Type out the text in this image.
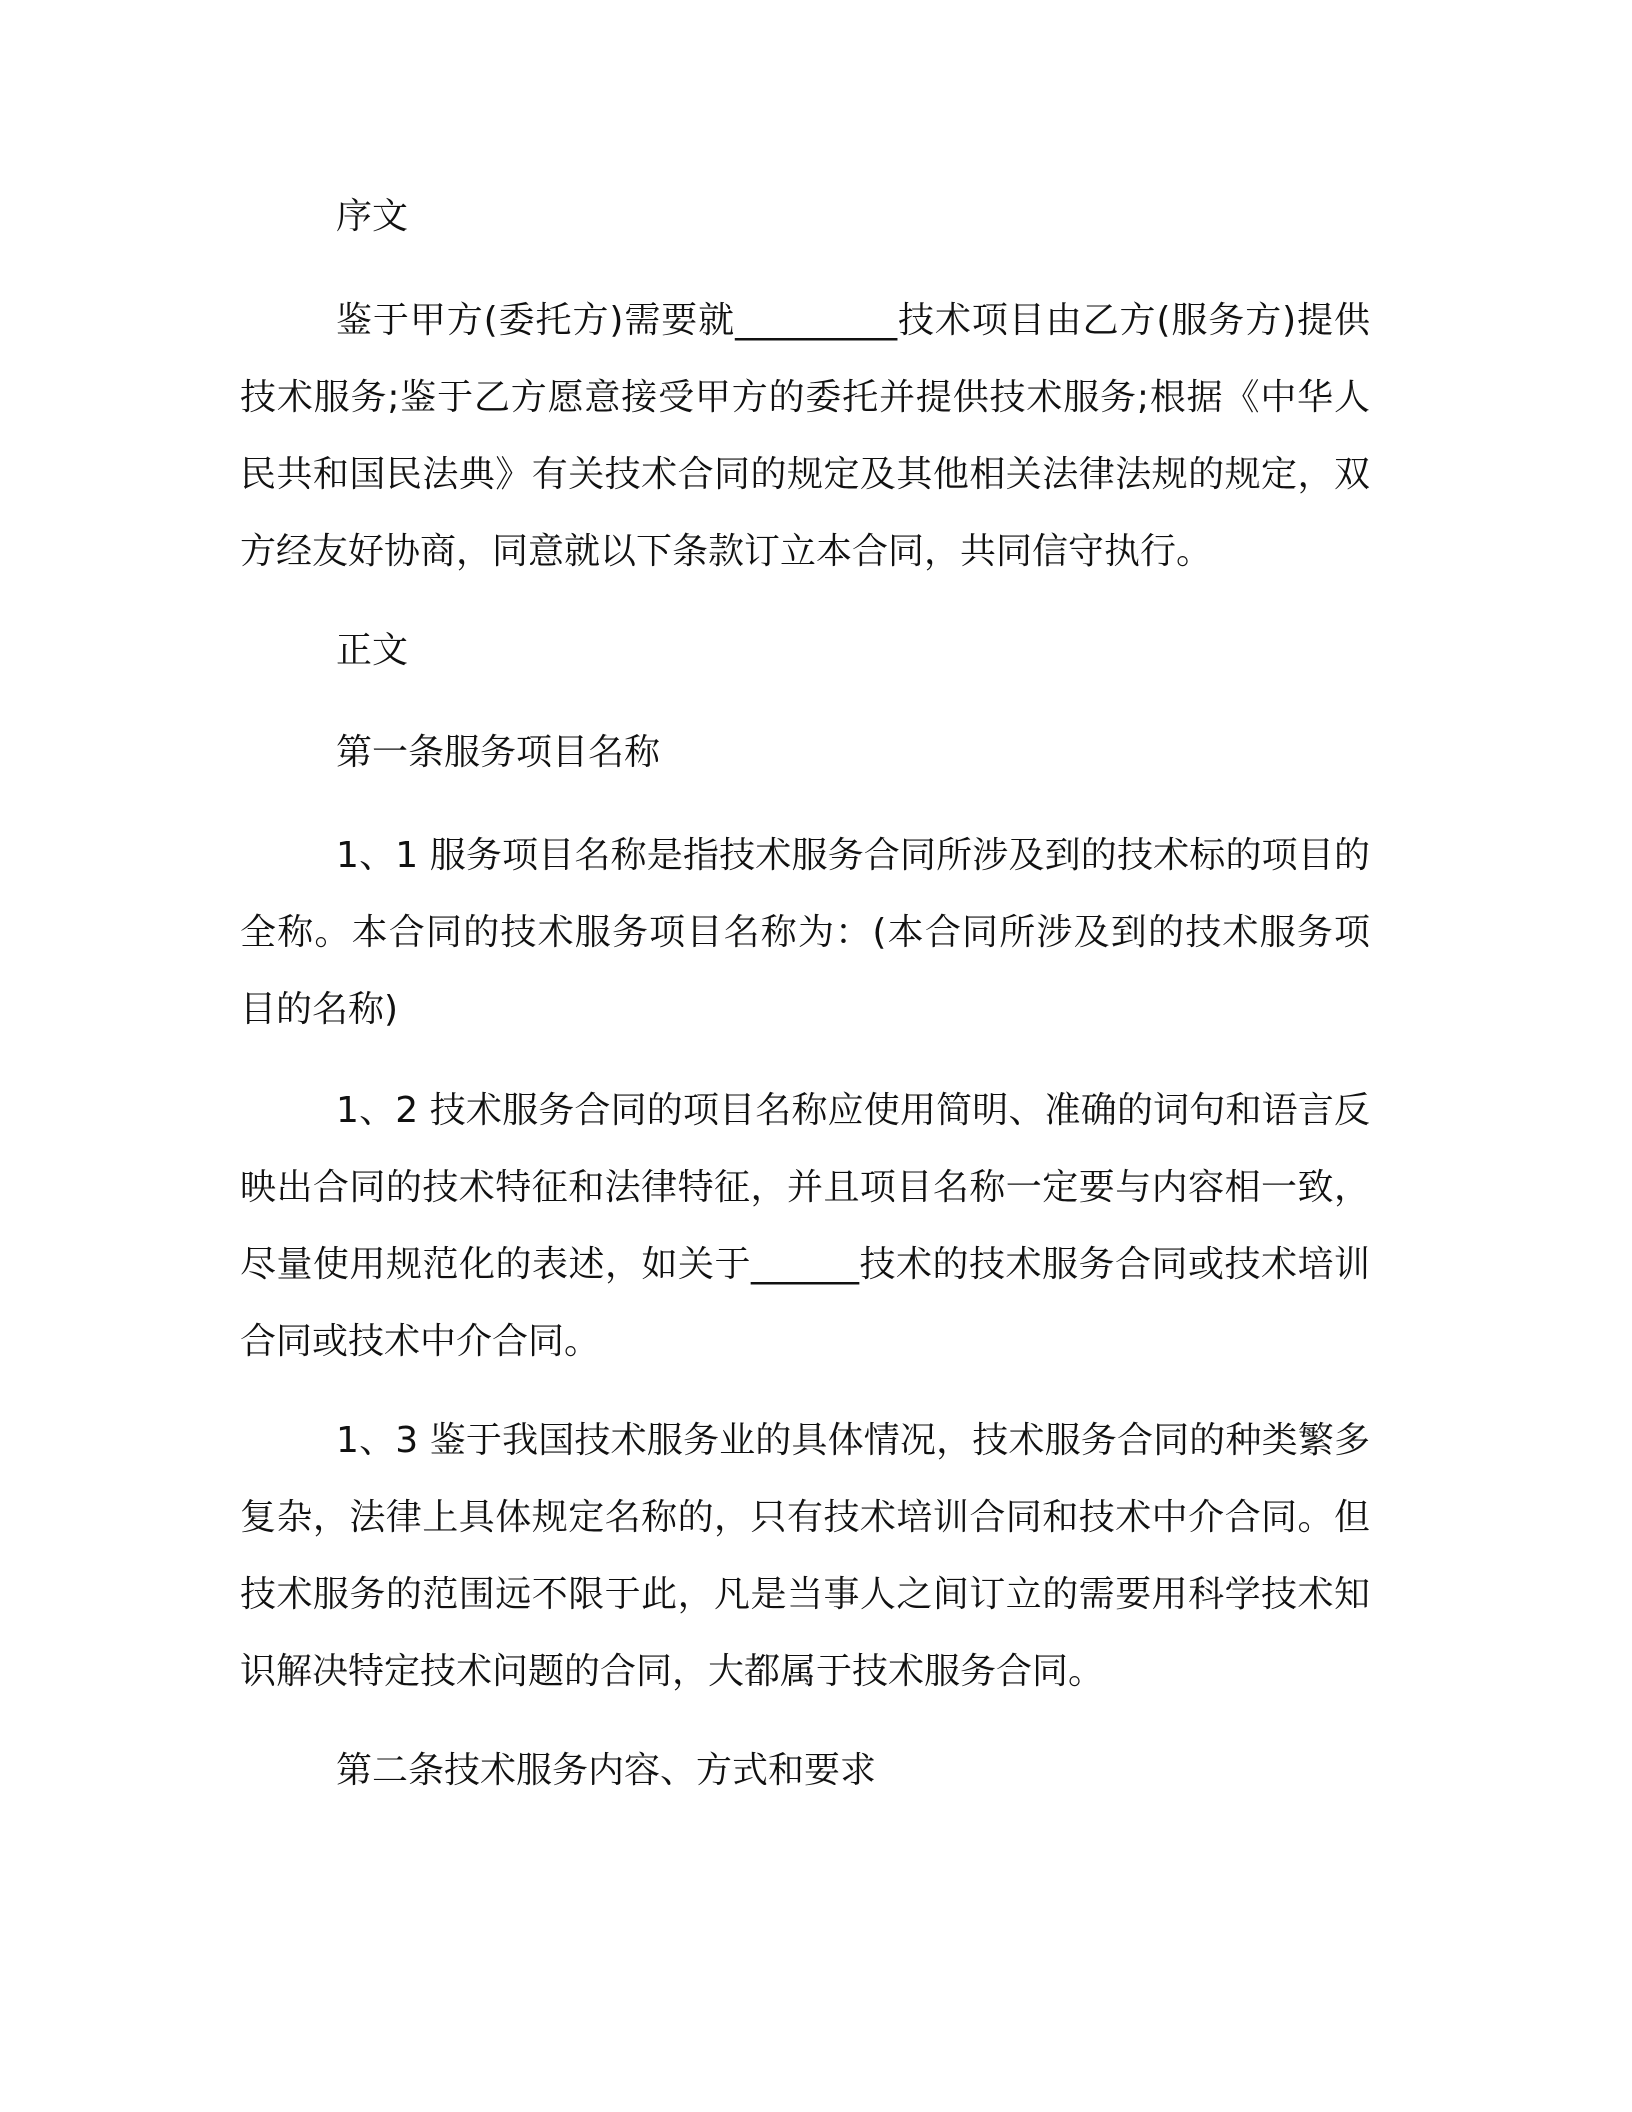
序文

鉴于甲方(委托方)需要就_________技术项目由乙方(服务方)提供技术服务;鉴于乙方愿意接受甲方的委托并提供技术服务;根据《中华人民共和国民法典》有关技术合同的规定及其他相关法律法规的规定，双方经友好协商，同意就以下条款订立本合同，共同信守执行。

正文

第一条服务项目名称

1、1 服务项目名称是指技术服务合同所涉及到的技术标的项目的全称。本合同的技术服务项目名称为：(本合同所涉及到的技术服务项目的名称)

1、2 技术服务合同的项目名称应使用简明、准确的词句和语言反映出合同的技术特征和法律特征，并且项目名称一定要与内容相一致，尽量使用规范化的表述，如关于______技术的技术服务合同或技术培训合同或技术中介合同。

1、3 鉴于我国技术服务业的具体情况，技术服务合同的种类繁多复杂，法律上具体规定名称的，只有技术培训合同和技术中介合同。但技术服务的范围远不限于此，凡是当事人之间订立的需要用科学技术知识解决特定技术问题的合同，大都属于技术服务合同。

第二条技术服务内容、方式和要求
